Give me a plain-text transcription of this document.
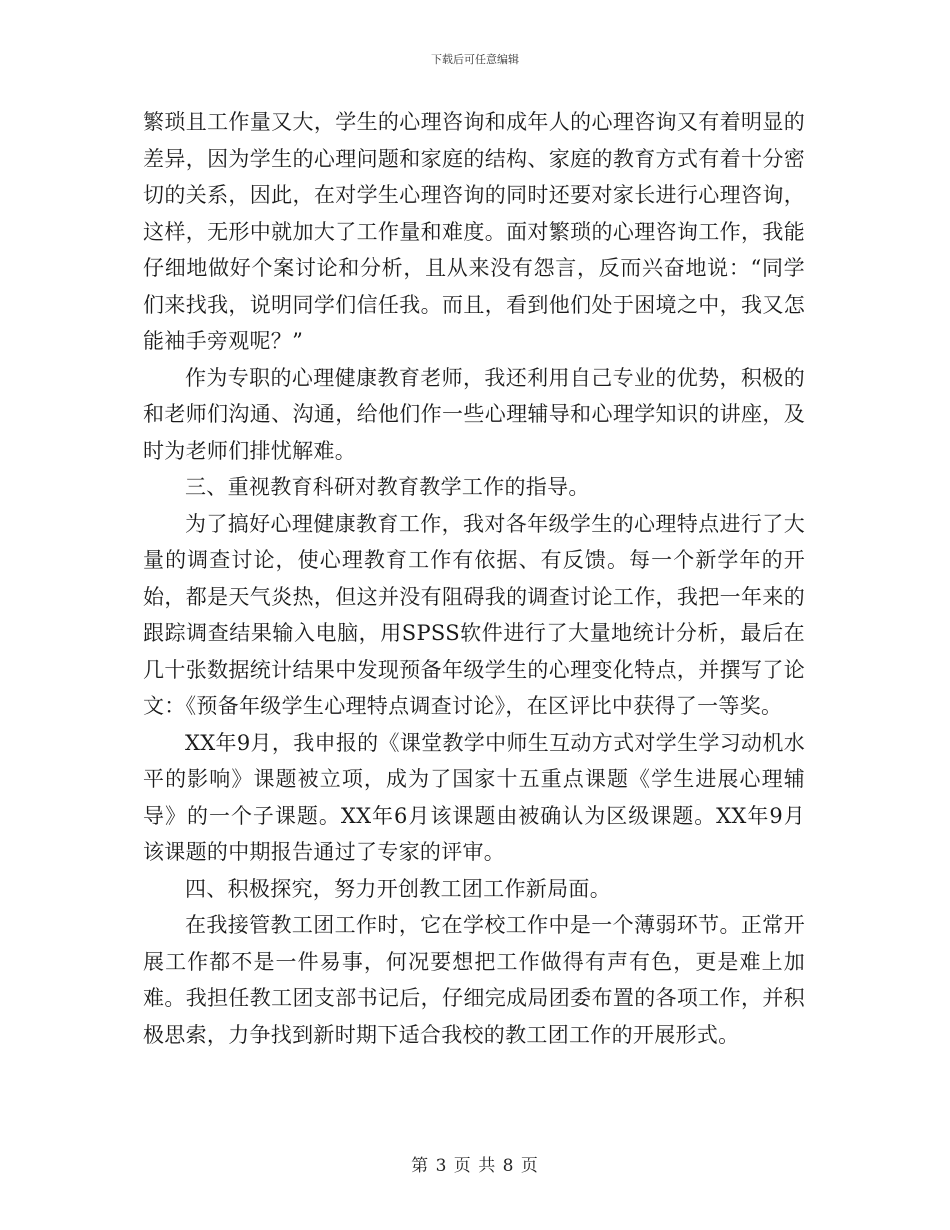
下载后可任意编辑

繁琐且工作量又大，学生的心理咨询和成年人的心理咨询又有着明显的差异，因为学生的心理问题和家庭的结构、家庭的教育方式有着十分密切的关系，因此，在对学生心理咨询的同时还要对家长进行心理咨询，这样，无形中就加大了工作量和难度。面对繁琐的心理咨询工作，我能仔细地做好个案讨论和分析，且从来没有怨言，反而兴奋地说：“同学们来找我，说明同学们信任我。而且，看到他们处于困境之中，我又怎能袖手旁观呢？”

作为专职的心理健康教育老师，我还利用自己专业的优势，积极的和老师们沟通、沟通，给他们作一些心理辅导和心理学知识的讲座，及时为老师们排忧解难。

三、重视教育科研对教育教学工作的指导。

为了搞好心理健康教育工作，我对各年级学生的心理特点进行了大量的调查讨论，使心理教育工作有依据、有反馈。每一个新学年的开始，都是天气炎热，但这并没有阻碍我的调查讨论工作，我把一年来的跟踪调查结果输入电脑，用SPSS软件进行了大量地统计分析，最后在几十张数据统计结果中发现预备年级学生的心理变化特点，并撰写了论文：《预备年级学生心理特点调查讨论》，在区评比中获得了一等奖。

XX年9月，我申报的《课堂教学中师生互动方式对学生学习动机水平的影响》课题被立项，成为了国家十五重点课题《学生进展心理辅导》的一个子课题。XX年6月该课题由被确认为区级课题。XX年9月该课题的中期报告通过了专家的评审。

四、积极探究，努力开创教工团工作新局面。

在我接管教工团工作时，它在学校工作中是一个薄弱环节。正常开展工作都不是一件易事，何况要想把工作做得有声有色，更是难上加难。我担任教工团支部书记后，仔细完成局团委布置的各项工作，并积极思索，力争找到新时期下适合我校的教工团工作的开展形式。

第 3 页 共 8 页
